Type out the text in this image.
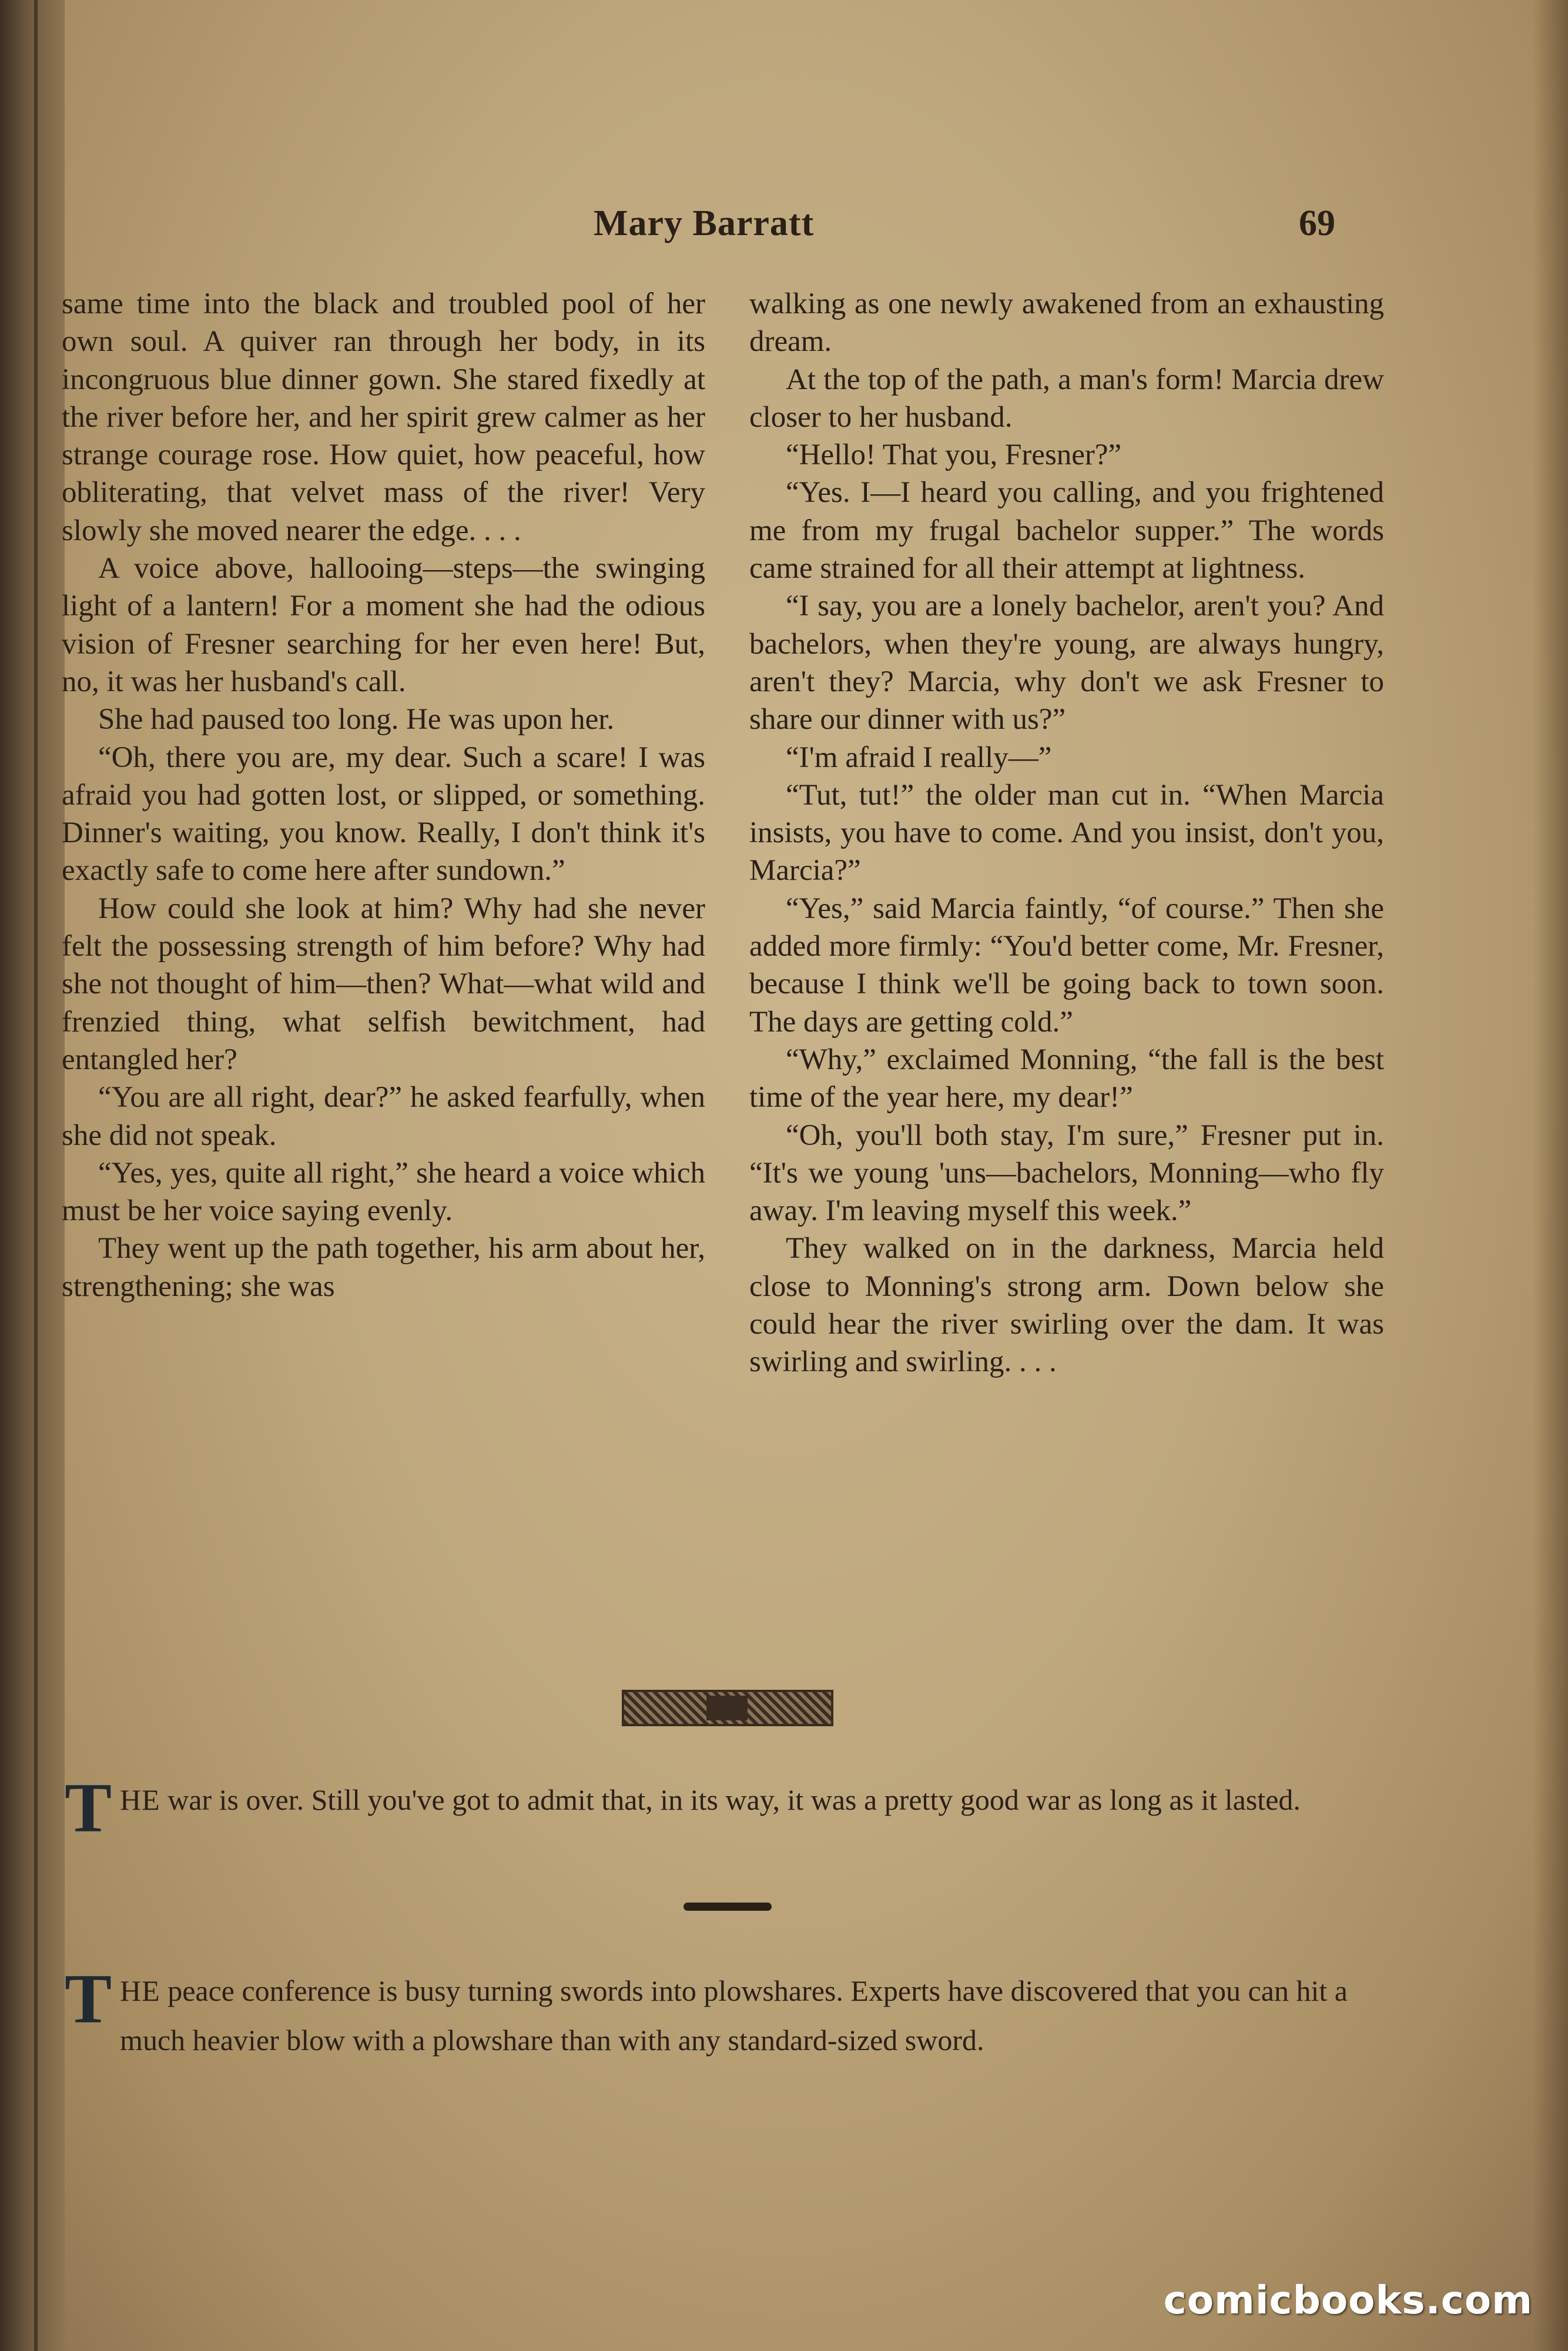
Mary Barratt	69

same time into the black and troubled pool of her own soul. A quiver ran through her body, in its incongruous blue dinner gown. She stared fixedly at the river before her, and her spirit grew calmer as her strange courage rose. How quiet, how peaceful, how obliterating, that velvet mass of the river! Very slowly she moved nearer the edge. . . .

A voice above, hallooing—steps—the swinging light of a lantern! For a moment she had the odious vision of Fresner searching for her even here! But, no, it was her husband's call.

She had paused too long. He was upon her.

“Oh, there you are, my dear. Such a scare! I was afraid you had gotten lost, or slipped, or something. Dinner's waiting, you know. Really, I don't think it's exactly safe to come here after sundown.”

How could she look at him? Why had she never felt the possessing strength of him before? Why had she not thought of him—then? What—what wild and frenzied thing, what selfish bewitchment, had entangled her?

“You are all right, dear?” he asked fearfully, when she did not speak.

“Yes, yes, quite all right,” she heard a voice which must be her voice saying evenly.

They went up the path together, his arm about her, strengthening; she was

walking as one newly awakened from an exhausting dream.

At the top of the path, a man's form! Marcia drew closer to her husband.

“Hello! That you, Fresner?”

“Yes. I—I heard you calling, and you frightened me from my frugal bachelor supper.” The words came strained for all their attempt at lightness.

“I say, you are a lonely bachelor, aren't you? And bachelors, when they're young, are always hungry, aren't they? Marcia, why don't we ask Fresner to share our dinner with us?”

“I'm afraid I really—”

“Tut, tut!” the older man cut in. “When Marcia insists, you have to come. And you insist, don't you, Marcia?”

“Yes,” said Marcia faintly, “of course.” Then she added more firmly: “You'd better come, Mr. Fresner, because I think we'll be going back to town soon. The days are getting cold.”

“Why,” exclaimed Monning, “the fall is the best time of the year here, my dear!”

“Oh, you'll both stay, I'm sure,” Fresner put in. “It's we young 'uns—bachelors, Monning—who fly away. I'm leaving myself this week.”

They walked on in the darkness, Marcia held close to Monning's strong arm. Down below she could hear the river swirling over the dam. It was swirling and swirling. . . .

T HE war is over. Still you've got to admit that, in its way, it was a pretty good war as long as it lasted.
T HE peace conference is busy turning swords into plowshares. Experts have discovered that you can hit a much heavier blow with a plowshare than with any standard-sized sword.
comicbooks.com
